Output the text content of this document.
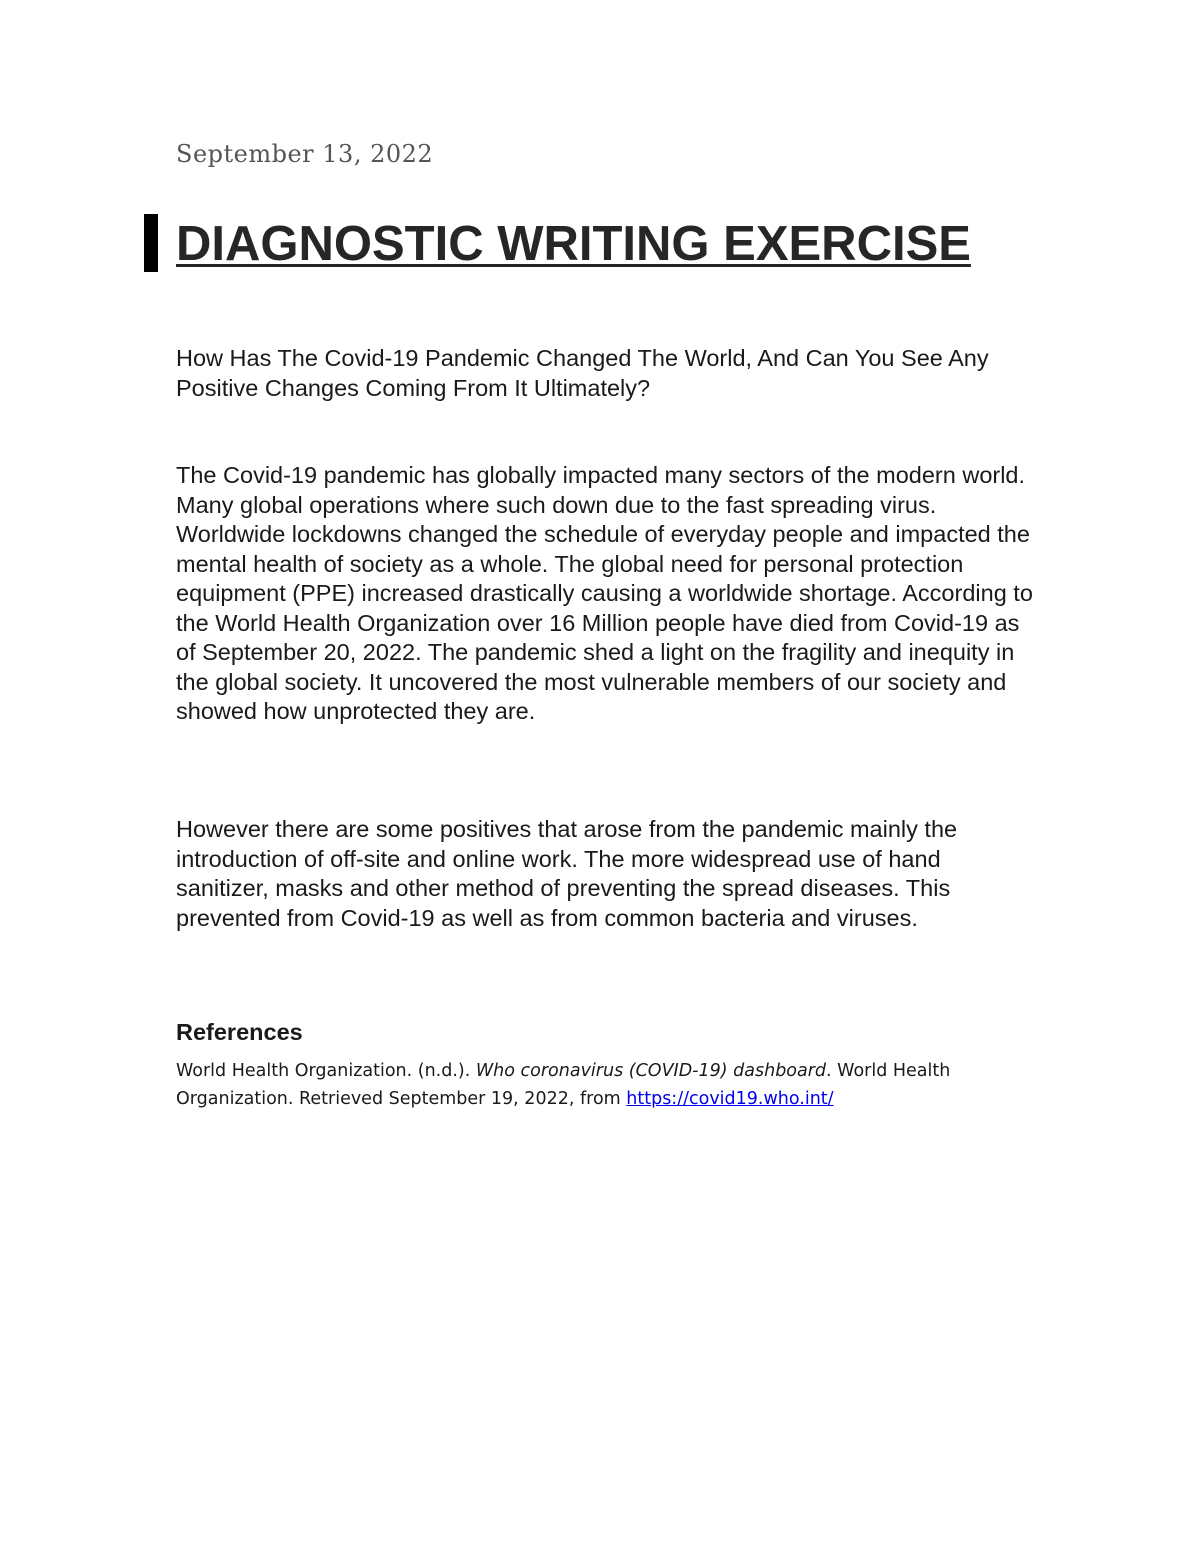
September 13, 2022
DIAGNOSTIC WRITING EXERCISE

How Has The Covid-19 Pandemic Changed The World, And Can You See Any Positive Changes Coming From It Ultimately?

The Covid-19 pandemic has globally impacted many sectors of the modern world. Many global operations where such down due to the fast spreading virus. Worldwide lockdowns changed the schedule of everyday people and impacted the mental health of society as a whole. The global need for personal protection equipment (PPE) increased drastically causing a worldwide shortage. According to the World Health Organization over 16 Million people have died from Covid-19 as of September 20, 2022. The pandemic shed a light on the fragility and inequity in the global society. It uncovered the most vulnerable members of our society and showed how unprotected they are.

However there are some positives that arose from the pandemic mainly the introduction of off-site and online work. The more widespread use of hand sanitizer, masks and other method of preventing the spread diseases. This prevented from Covid-19 as well as from common bacteria and viruses.

References

World Health Organization. (n.d.). Who coronavirus (COVID-19) dashboard. World Health Organization. Retrieved September 19, 2022, from https://covid19.who.int/
